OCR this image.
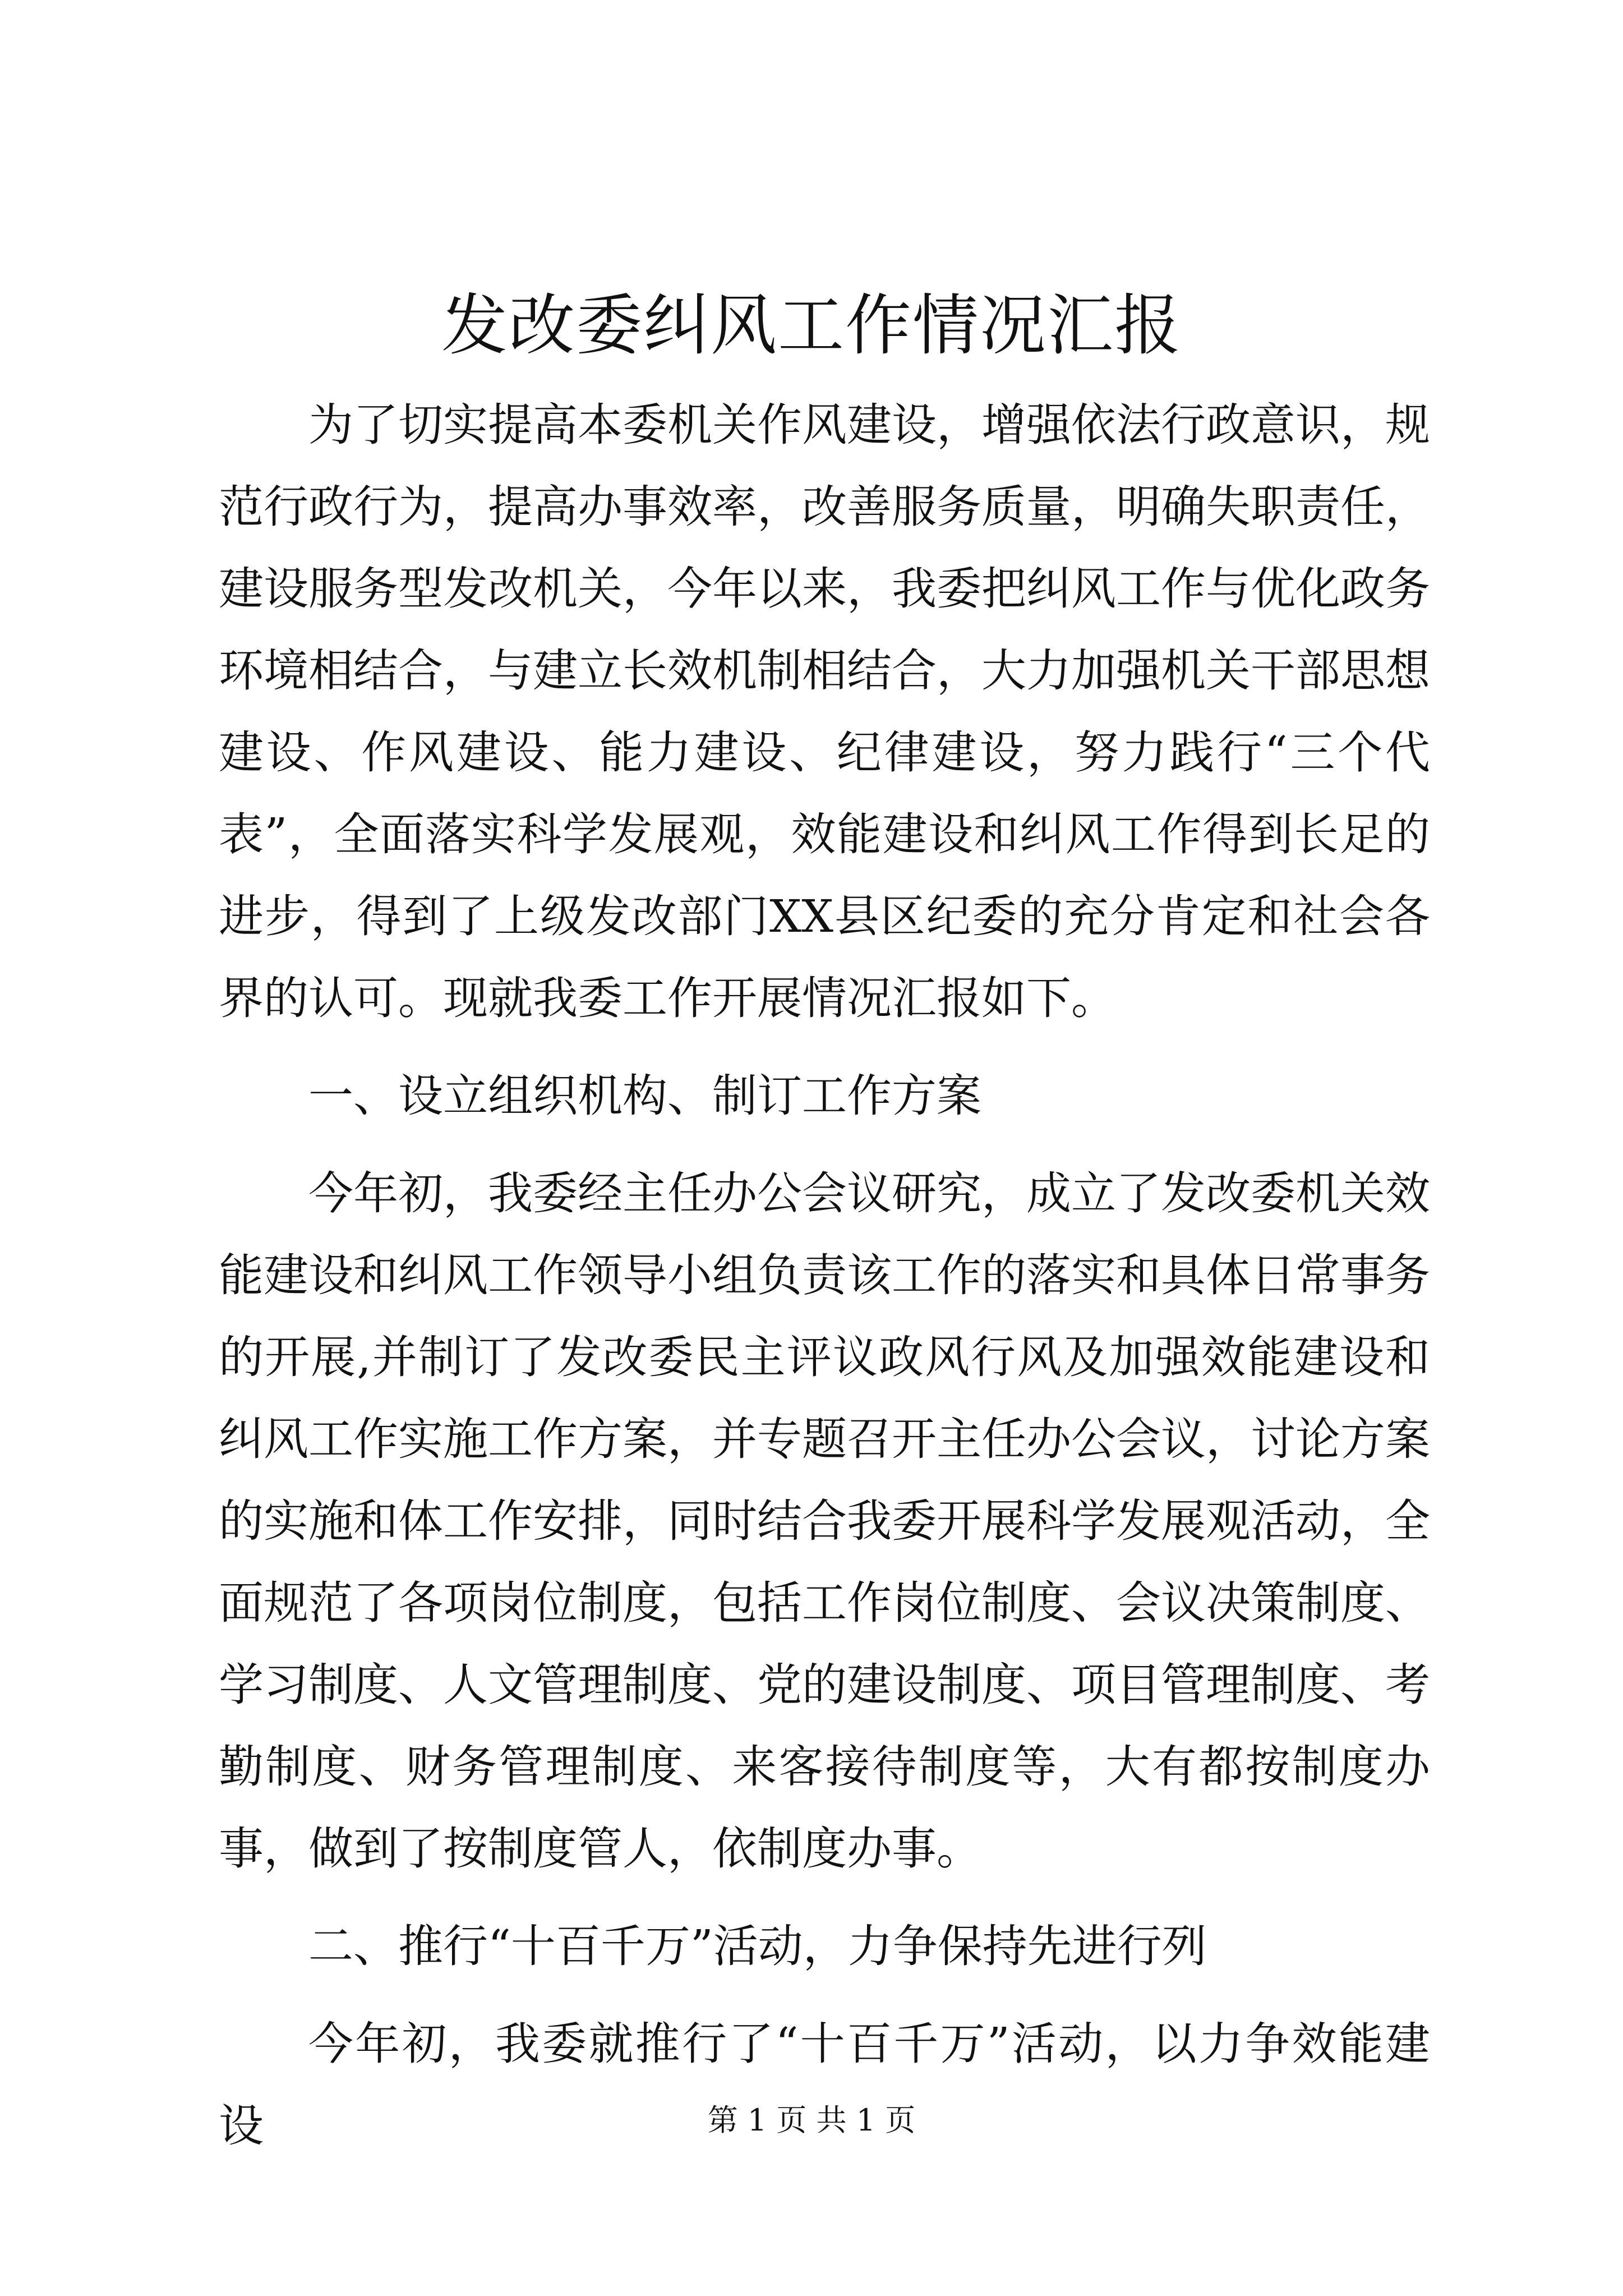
发改委纠风工作情况汇报

为了切实提高本委机关作风建设，增强依法行政意识，规范行政行为，提高办事效率，改善服务质量，明确失职责任，建设服务型发改机关，今年以来，我委把纠风工作与优化政务环境相结合，与建立长效机制相结合，大力加强机关干部思想建设、作风建设、能力建设、纪律建设，努力践行“三个代表”，全面落实科学发展观，效能建设和纠风工作得到长足的进步，得到了上级发改部门XX县区纪委的充分肯定和社会各界的认可。现就我委工作开展情况汇报如下。

一、设立组织机构、制订工作方案

今年初，我委经主任办公会议研究，成立了发改委机关效能建设和纠风工作领导小组负责该工作的落实和具体日常事务的开展,并制订了发改委民主评议政风行风及加强效能建设和纠风工作实施工作方案，并专题召开主任办公会议，讨论方案的实施和体工作安排，同时结合我委开展科学发展观活动，全面规范了各项岗位制度，包括工作岗位制度、会议决策制度、学习制度、人文管理制度、党的建设制度、项目管理制度、考勤制度、财务管理制度、来客接待制度等，大有都按制度办事，做到了按制度管人，依制度办事。

二、推行“十百千万”活动，力争保持先进行列

今年初，我委就推行了“十百千万”活动，以力争效能建设	第 1 页 共 1 页
